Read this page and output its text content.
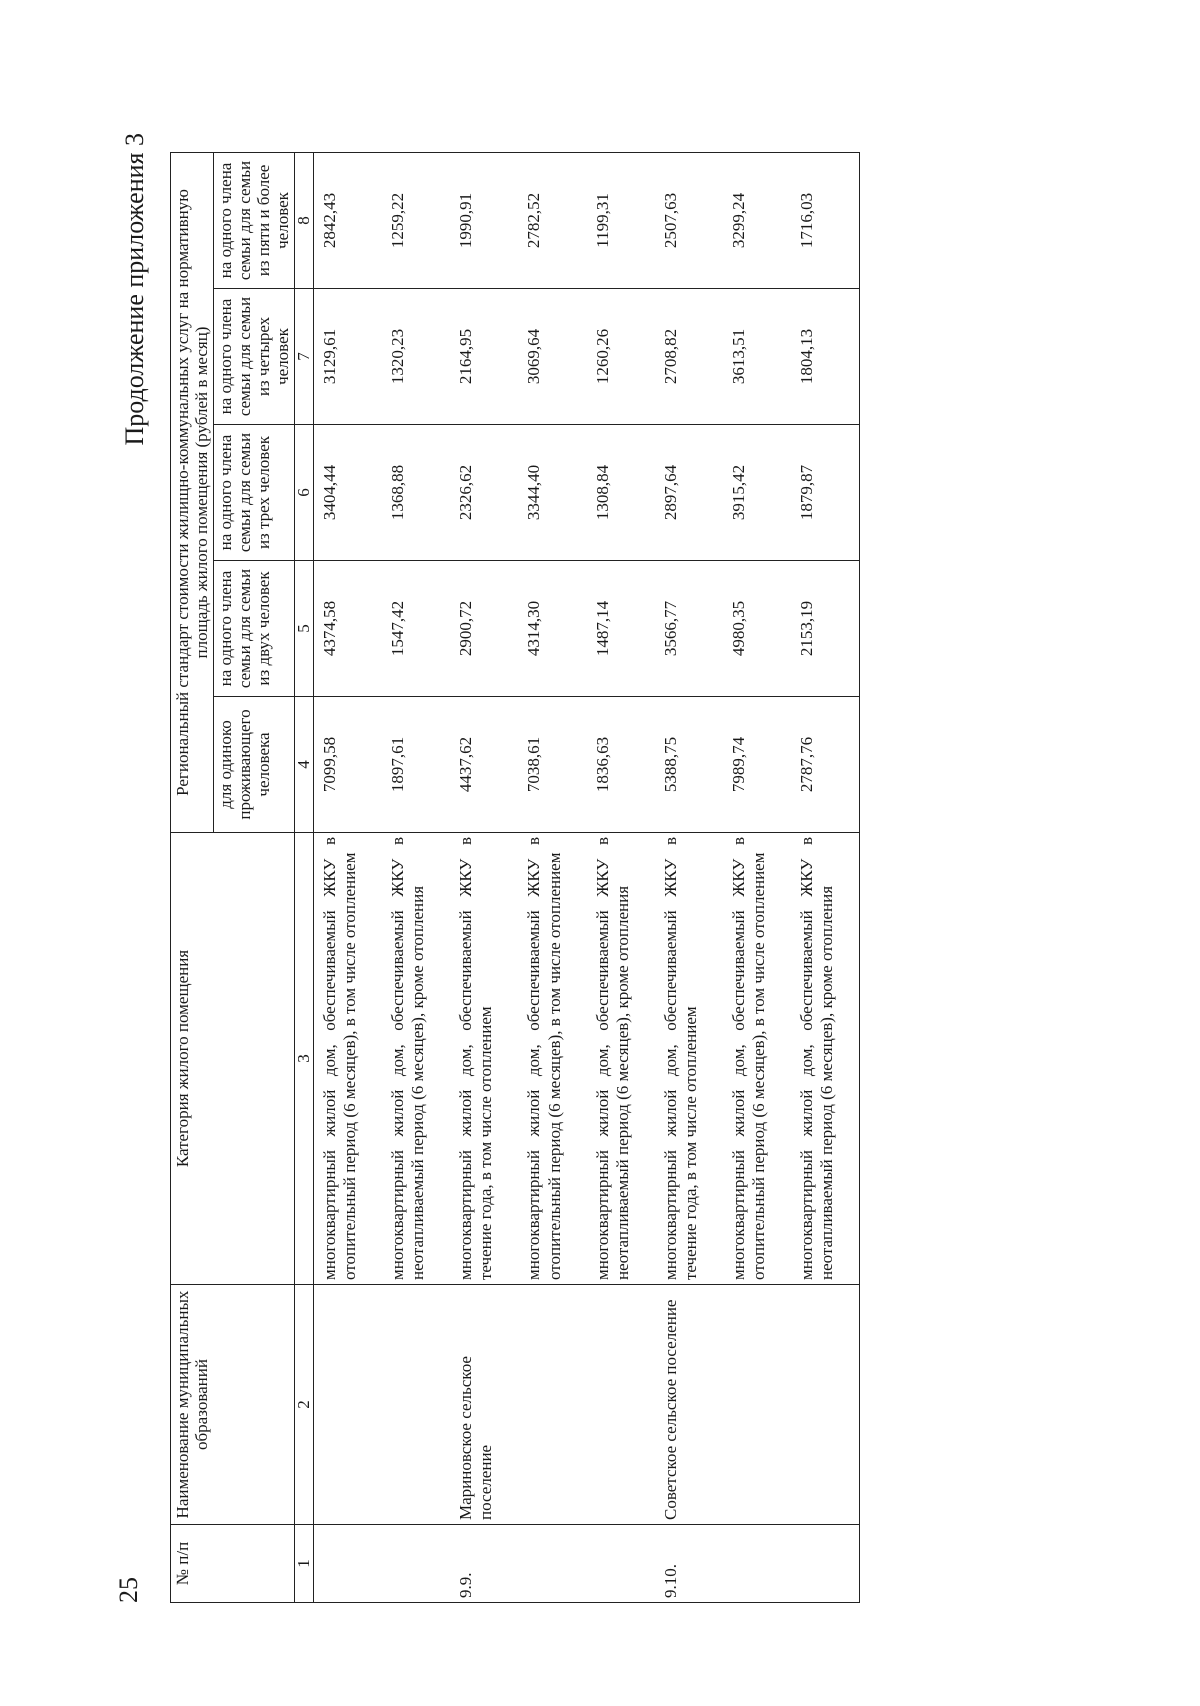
25
Продолжение приложения 3
№ п/п	Наименование муниципальных образований	Категория жилого помещения	Региональный стандарт стоимости жилищно-коммунальных услуг на нормативную площадь жилого помещения (рублей в месяц)				
			для одиноко проживающего человека	на одного члена семьи для семьи из двух человек	на одного члена семьи для семьи из трех человек	на одного члена семьи для семьи из четырех человек	на одного члена семьи для семьи из пяти и более человек
1	2	3	4	5	6	7	8
		многоквартирный жилой дом, обеспечиваемый ЖКУ в отопительный период (6 месяцев), в том числе отоплением	7099,58	4374,58	3404,44	3129,61	2842,43
		многоквартирный жилой дом, обеспечиваемый ЖКУ в неотапливаемый период (6 месяцев), кроме отопления	1897,61	1547,42	1368,88	1320,23	1259,22
9.9.	Мариновское сельское поселение	многоквартирный жилой дом, обеспечиваемый ЖКУ в течение года, в том числе отоплением	4437,62	2900,72	2326,62	2164,95	1990,91
		многоквартирный жилой дом, обеспечиваемый ЖКУ в отопительный период (6 месяцев), в том числе отоплением	7038,61	4314,30	3344,40	3069,64	2782,52
		многоквартирный жилой дом, обеспечиваемый ЖКУ в неотапливаемый период (6 месяцев), кроме отопления	1836,63	1487,14	1308,84	1260,26	1199,31
9.10.	Советское сельское поселение	многоквартирный жилой дом, обеспечиваемый ЖКУ в течение года, в том числе отоплением	5388,75	3566,77	2897,64	2708,82	2507,63
		многоквартирный жилой дом, обеспечиваемый ЖКУ в отопительный период (6 месяцев), в том числе отоплением	7989,74	4980,35	3915,42	3613,51	3299,24
		многоквартирный жилой дом, обеспечиваемый ЖКУ в неотапливаемый период (6 месяцев), кроме отопления	2787,76	2153,19	1879,87	1804,13	1716,03
